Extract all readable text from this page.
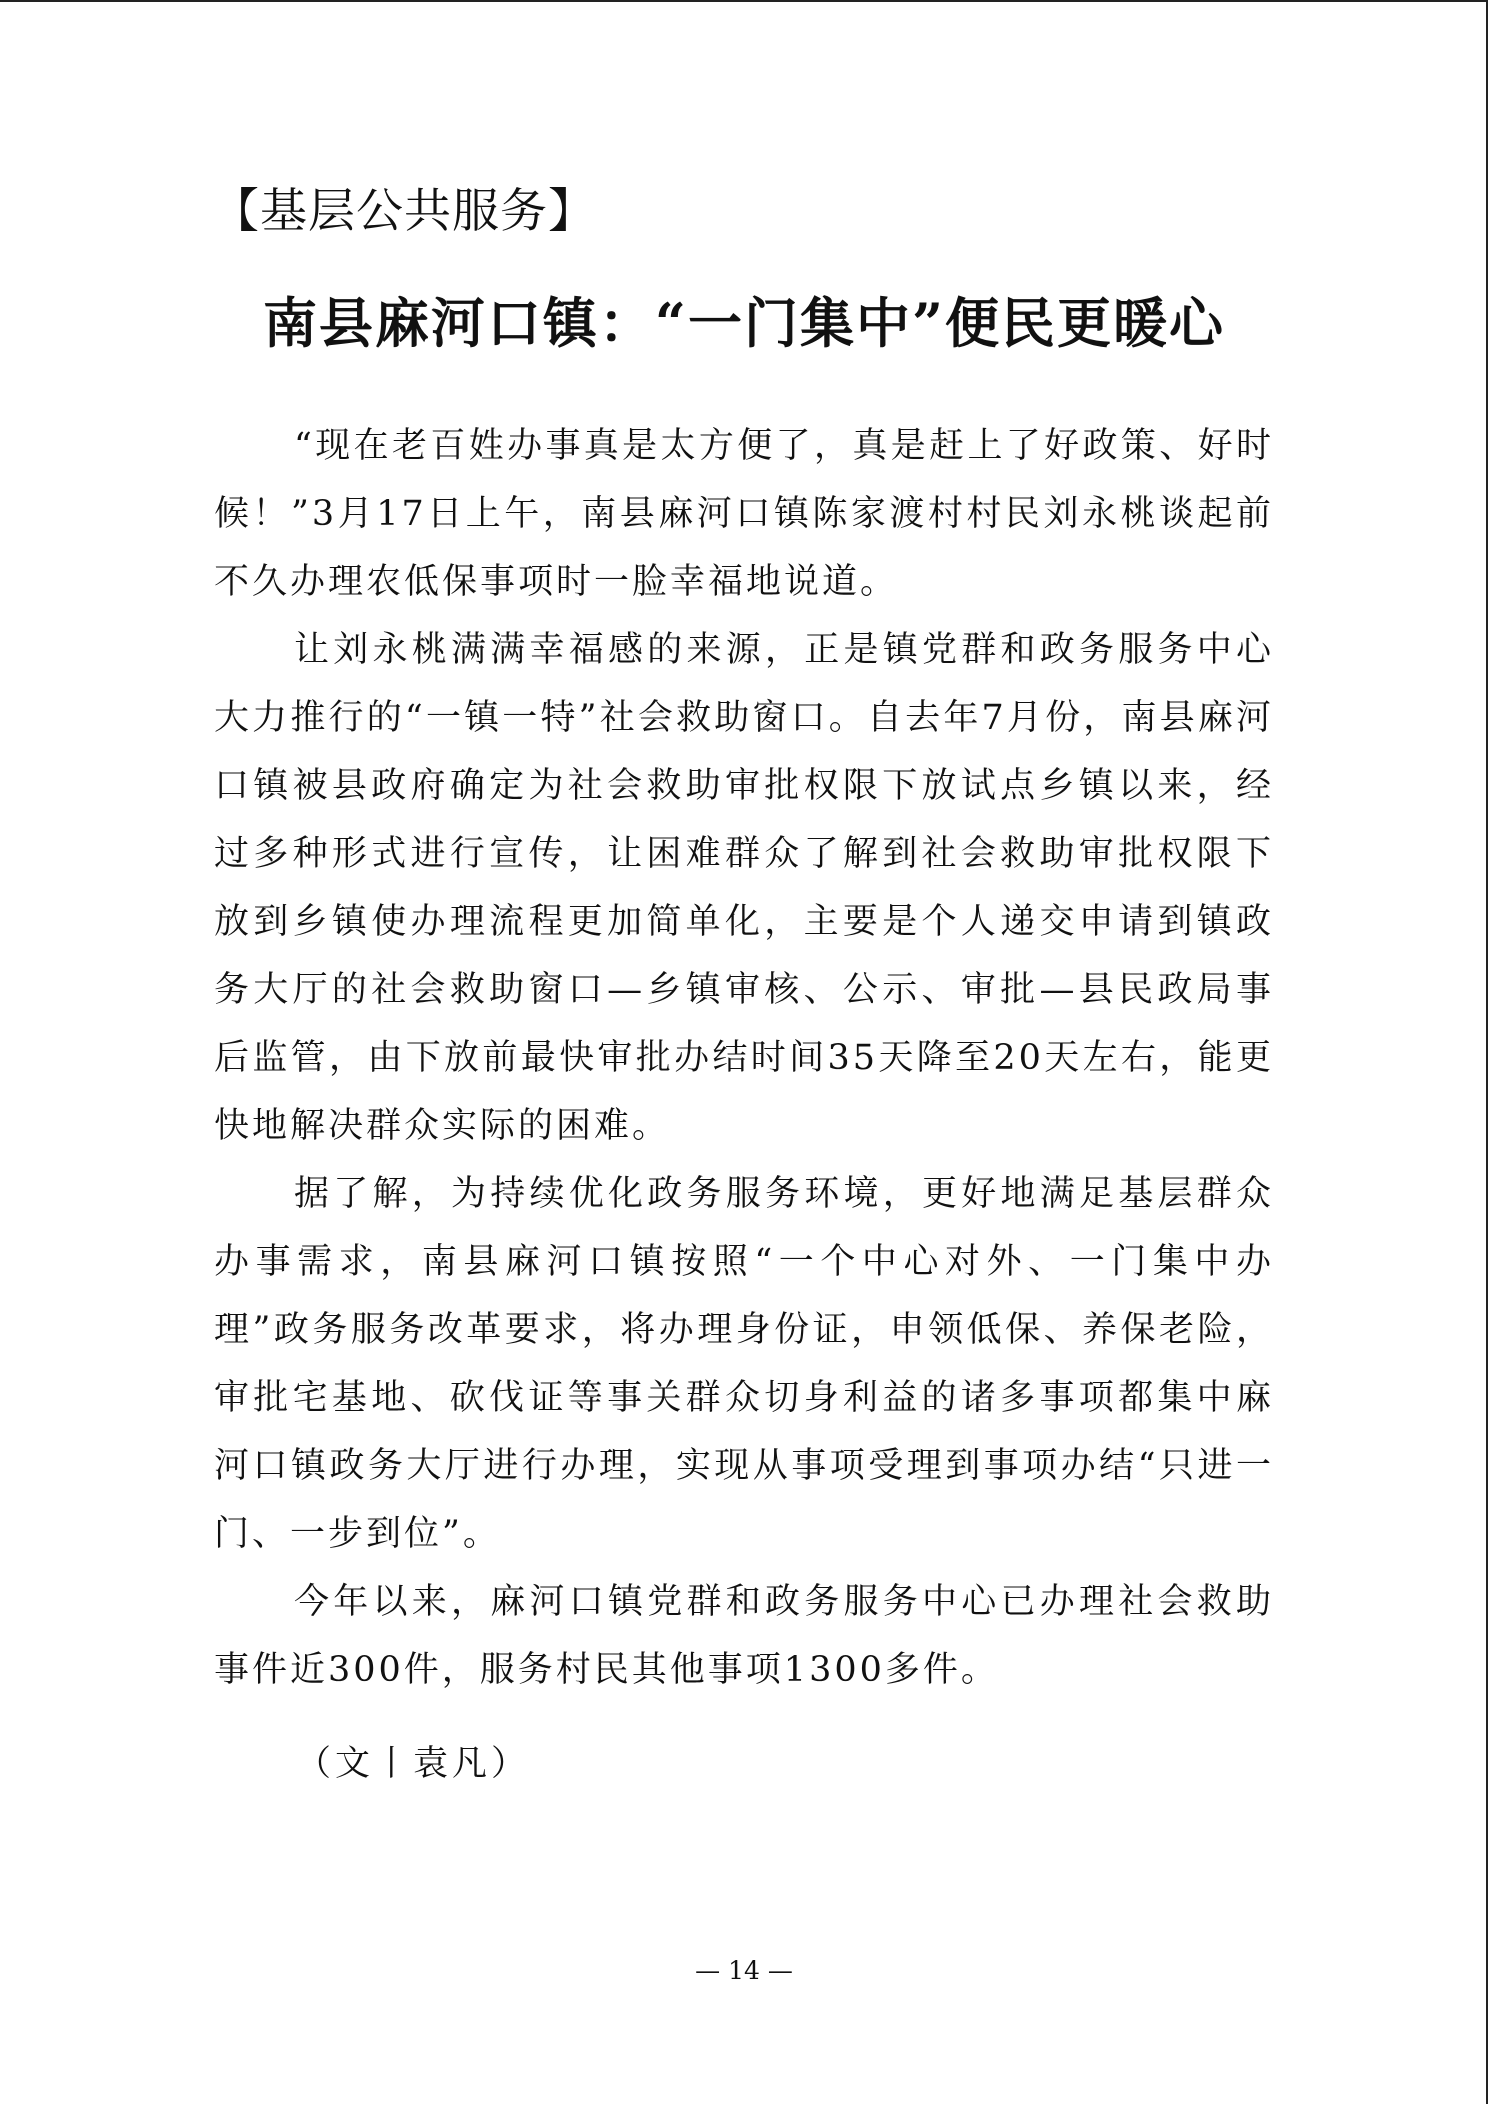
【基层公共服务】
南县麻河口镇：“一门集中”便民更暖心

“现在老百姓办事真是太方便了，真是赶上了好政策、好时候！”3月17日上午，南县麻河口镇陈家渡村村民刘永桃谈起前不久办理农低保事项时一脸幸福地说道。

让刘永桃满满幸福感的来源，正是镇党群和政务服务中心大力推行的“一镇一特”社会救助窗口。自去年7月份，南县麻河口镇被县政府确定为社会救助审批权限下放试点乡镇以来，经过多种形式进行宣传，让困难群众了解到社会救助审批权限下放到乡镇使办理流程更加简单化，主要是个人递交申请到镇政务大厅的社会救助窗口—乡镇审核、公示、审批—县民政局事后监管，由下放前最快审批办结时间35天降至20天左右，能更快地解决群众实际的困难。

据了解，为持续优化政务服务环境，更好地满足基层群众办事需求，南县麻河口镇按照“一个中心对外、一门集中办理”政务服务改革要求，将办理身份证，申领低保、养保老险，审批宅基地、砍伐证等事关群众切身利益的诸多事项都集中麻河口镇政务大厅进行办理，实现从事项受理到事项办结“只进一门、一步到位”。

今年以来，麻河口镇党群和政务服务中心已办理社会救助事件近300件，服务村民其他事项1300多件。

（文丨袁凡）
— 14 —
